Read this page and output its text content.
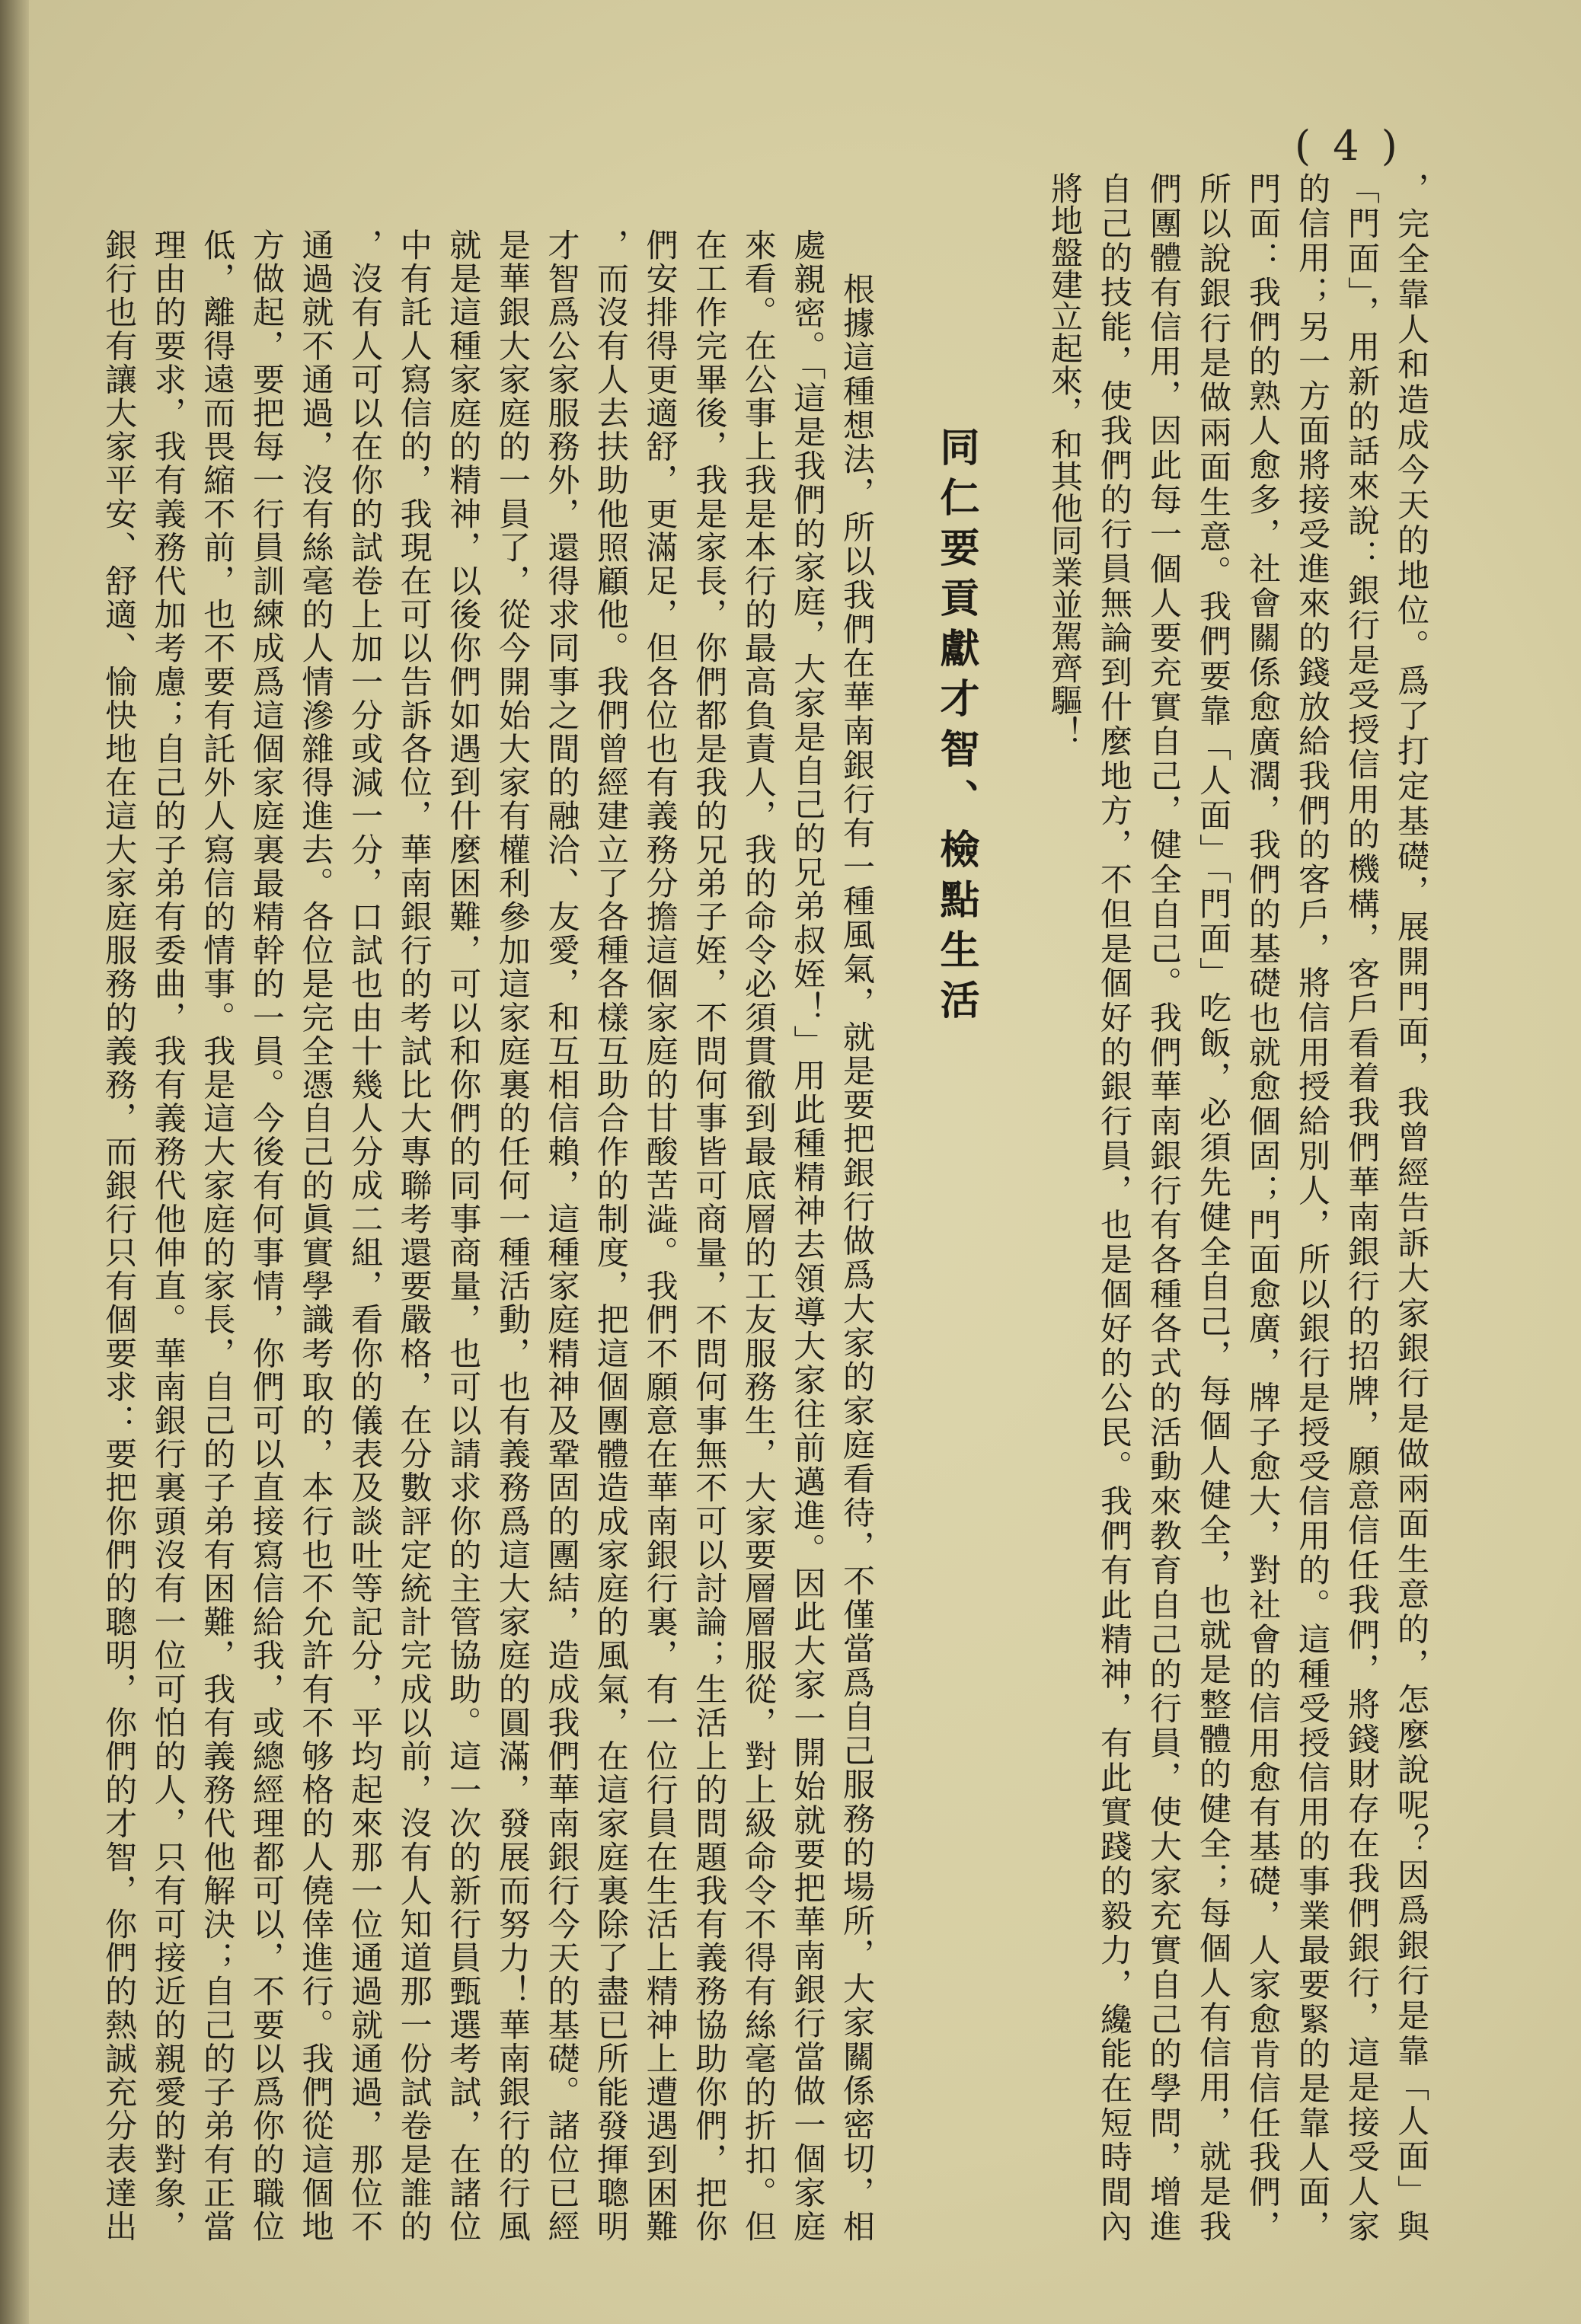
( 4 )
，完全靠人和造成今天的地位。爲了打定基礎，展開門面，我曾經告訴大家銀行是做兩面生意的，怎麼說呢？因爲銀行是靠「人面」與
「門面」，用新的話來說：銀行是受授信用的機構，客戶看着我們華南銀行的招牌，願意信任我們，將錢財存在我們銀行，這是接受人家
的信用；另一方面將接受進來的錢放給我們的客戶，將信用授給別人，所以銀行是授受信用的。這種受授信用的事業最要緊的是靠人面，
門面：我們的熟人愈多，社會關係愈廣濶，我們的基礎也就愈個固；門面愈廣，牌子愈大，對社會的信用愈有基礎，人家愈肯信任我們，
所以說銀行是做兩面生意。我們要靠「人面」「門面」吃飯，必須先健全自己，每個人健全，也就是整體的健全；每個人有信用，就是我
們團體有信用，因此每一個人要充實自己，健全自己。我們華南銀行有各種各式的活動來教育自己的行員，使大家充實自己的學問，增進
自己的技能，使我們的行員無論到什麼地方，不但是個好的銀行員，也是個好的公民。我們有此精神，有此實踐的毅力，纔能在短時間內
將地盤建立起來，和其他同業並駕齊驅！
同仁要貢獻才智、檢點生活
根據這種想法，所以我們在華南銀行有一種風氣，就是要把銀行做爲大家的家庭看待，不僅當爲自己服務的場所，大家關係密切，相
處親密。「這是我們的家庭，大家是自己的兄弟叔姪！」用此種精神去領導大家往前邁進。因此大家一開始就要把華南銀行當做一個家庭
來看。在公事上我是本行的最高負責人，我的命令必須貫徹到最底層的工友服務生，大家要層層服從，對上級命令不得有絲毫的折扣。但
在工作完畢後，我是家長，你們都是我的兄弟子姪，不問何事皆可商量，不問何事無不可以討論；生活上的問題我有義務協助你們，把你
們安排得更適舒，更滿足，但各位也有義務分擔這個家庭的甘酸苦澁。我們不願意在華南銀行裏，有一位行員在生活上精神上遭遇到困難
，而沒有人去扶助他照顧他。我們曾經建立了各種各樣互助合作的制度，把這個團體造成家庭的風氣，在這家庭裏除了盡已所能發揮聰明
才智爲公家服務外，還得求同事之間的融洽、友愛，和互相信賴，這種家庭精神及鞏固的團結，造成我們華南銀行今天的基礎。諸位已經
是華銀大家庭的一員了，從今開始大家有權利參加這家庭裏的任何一種活動，也有義務爲這大家庭的圓滿，發展而努力！華南銀行的行風
就是這種家庭的精神，以後你們如遇到什麼困難，可以和你們的同事商量，也可以請求你的主管協助。這一次的新行員甄選考試，在諸位
中有託人寫信的，我現在可以告訴各位，華南銀行的考試比大專聯考還要嚴格，在分數評定統計完成以前，沒有人知道那一份試卷是誰的
，沒有人可以在你的試卷上加一分或減一分，口試也由十幾人分成二組，看你的儀表及談吐等記分，平均起來那一位通過就通過，那位不
通過就不通過，沒有絲毫的人情滲雜得進去。各位是完全憑自己的眞實學識考取的，本行也不允許有不够格的人僥倖進行。我們從這個地
方做起，要把每一行員訓練成爲這個家庭裏最精幹的一員。今後有何事情，你們可以直接寫信給我，或總經理都可以，不要以爲你的職位
低，離得遠而畏縮不前，也不要有託外人寫信的情事。我是這大家庭的家長，自己的子弟有困難，我有義務代他解決；自己的子弟有正當
理由的要求，我有義務代加考慮；自己的子弟有委曲，我有義務代他伸直。華南銀行裏頭沒有一位可怕的人，只有可接近的親愛的對象，
銀行也有讓大家平安、舒適、愉快地在這大家庭服務的義務，而銀行只有個要求：要把你們的聰明，你們的才智，你們的熱誠充分表達出
